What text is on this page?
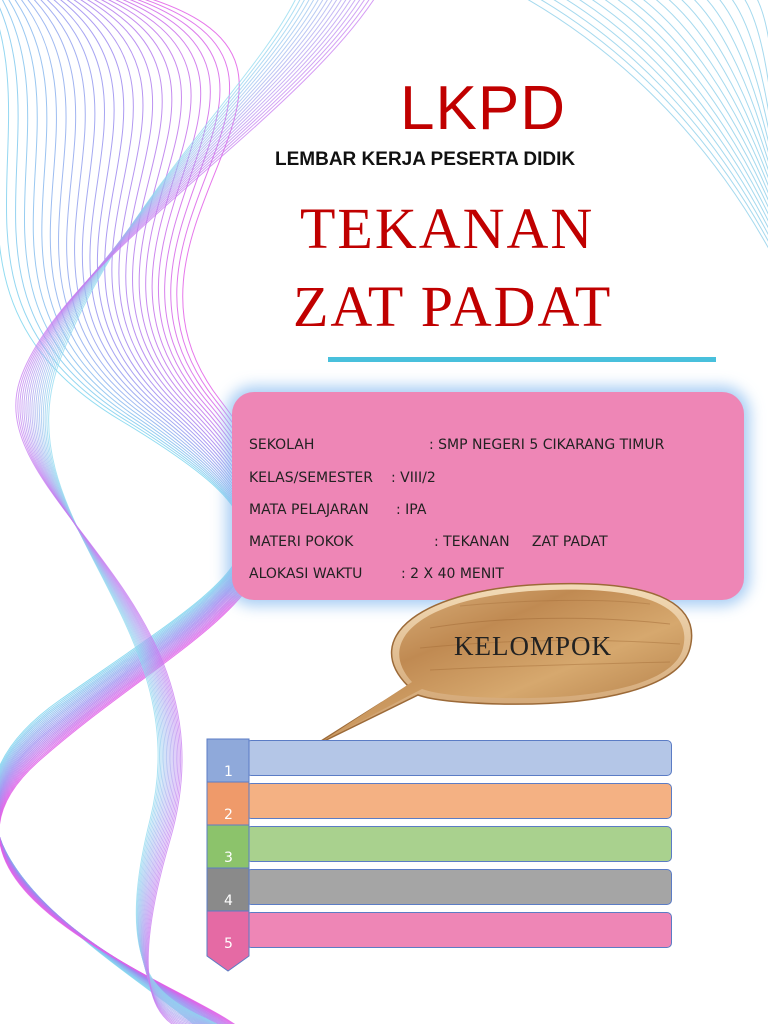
LKPD
LEMBAR KERJA PESERTA DIDIK
TEKANAN
ZAT PADAT
SEKOLAH	: SMP NEGERI 5 CIKARANG TIMUR
KELAS/SEMESTER : VIII/2
MATA PELAJARAN : IPA
MATERI POKOK	: TEKANAN     ZAT PADAT
ALOKASI WAKTU	: 2 X 40 MENIT
KELOMPOK
1
2
3
4
5
